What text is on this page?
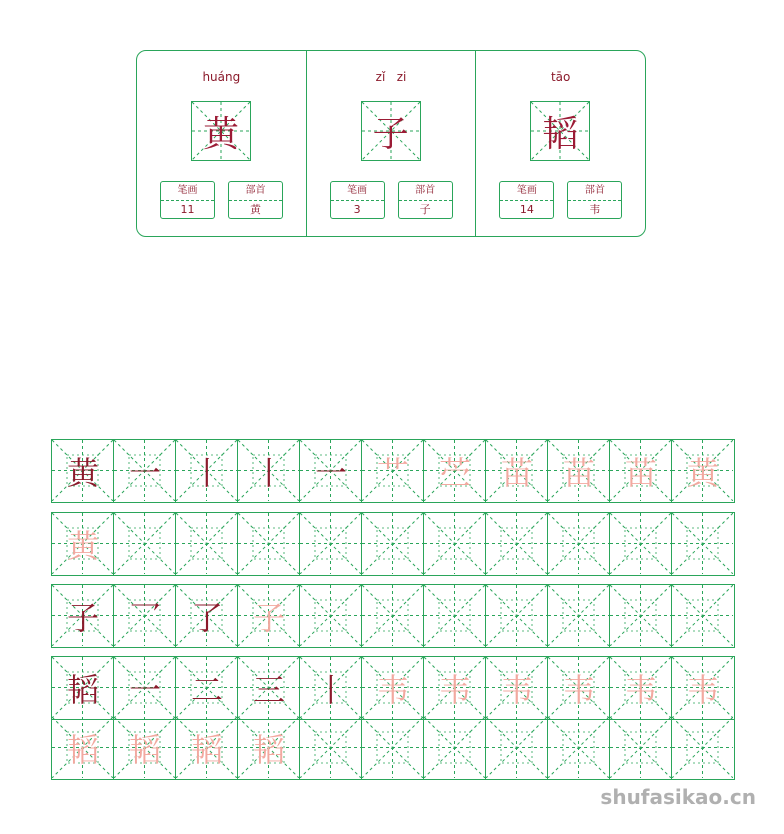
huáng
黄
笔画
11
部首
黄
zǐ   zi
子
笔画
3
部首
子
tāo
韬
笔画
14
部首
韦
黄 一 丨 丨 一 艹 苎 苗 苗 苗 黄
黄
子 乛 了 子
韬 一 二 三 丨 韦 韦 韦 韦 韦 韦
韬 韬 韬 韬
shufasikao.cn
